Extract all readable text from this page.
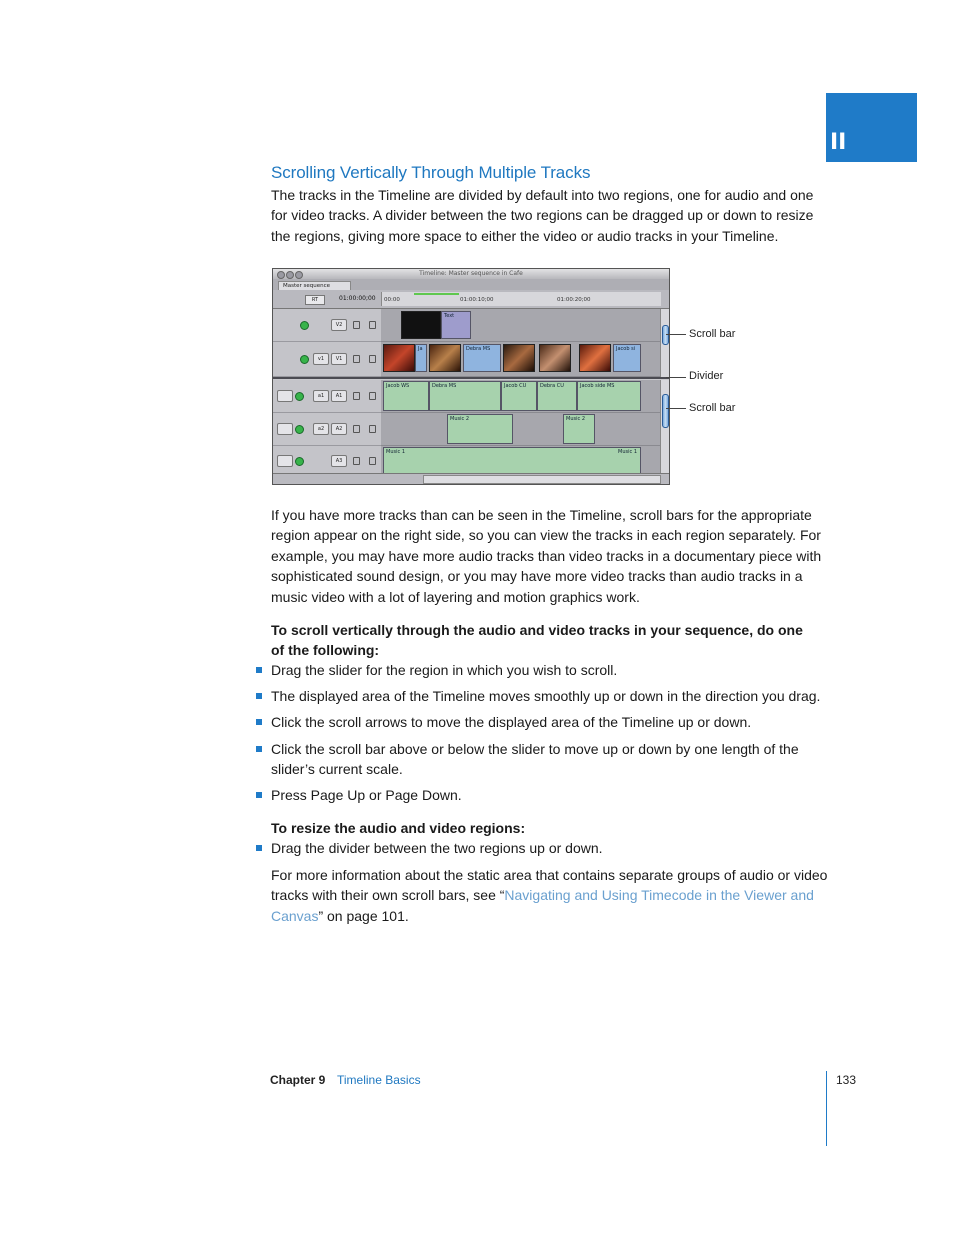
II
Scrolling Vertically Through Multiple Tracks

The tracks in the Timeline are divided by default into two regions, one for audio and one for video tracks. A divider between the two regions can be dragged up or down to resize the regions, giving more space to either the video or audio tracks in your Timeline.

If you have more tracks than can be seen in the Timeline, scroll bars for the appropriate region appear on the right side, so you can view the tracks in each region separately. For example, you may have more audio tracks than video tracks in a documentary piece with sophisticated sound design, or you may have more video tracks than audio tracks in a music video with a lot of layering and motion graphics work.

To scroll vertically through the audio and video tracks in your sequence, do one of the following:

Drag the slider for the region in which you wish to scroll.
The displayed area of the Timeline moves smoothly up or down in the direction you drag.
Click the scroll arrows to move the displayed area of the Timeline up or down.
Click the scroll bar above or below the slider to move up or down by one length of the slider’s current scale.
Press Page Up or Page Down.

To resize the audio and video regions:

Drag the divider between the two regions up or down.

For more information about the static area that contains separate groups of audio or video tracks with their own scroll bars, see “Navigating and Using Timecode in the Viewer and Canvas” on page 101.

Timeline: Master sequence in Cafe
Master sequence
RT	01:00:00;00 00:00	01:00:10;00	01:00:20;00
V2
Text
v1	V1
Ja	Debra MS	Jacob si
a1	A1
Jacob WS	Debra MS	Jacob CU	Debra CU	Jacob side MS
a2	A2
Music 2	Music 2
A3
Music 1	Music 1
Scroll bar
Divider
Scroll bar
Chapter 9 Timeline Basics	133
